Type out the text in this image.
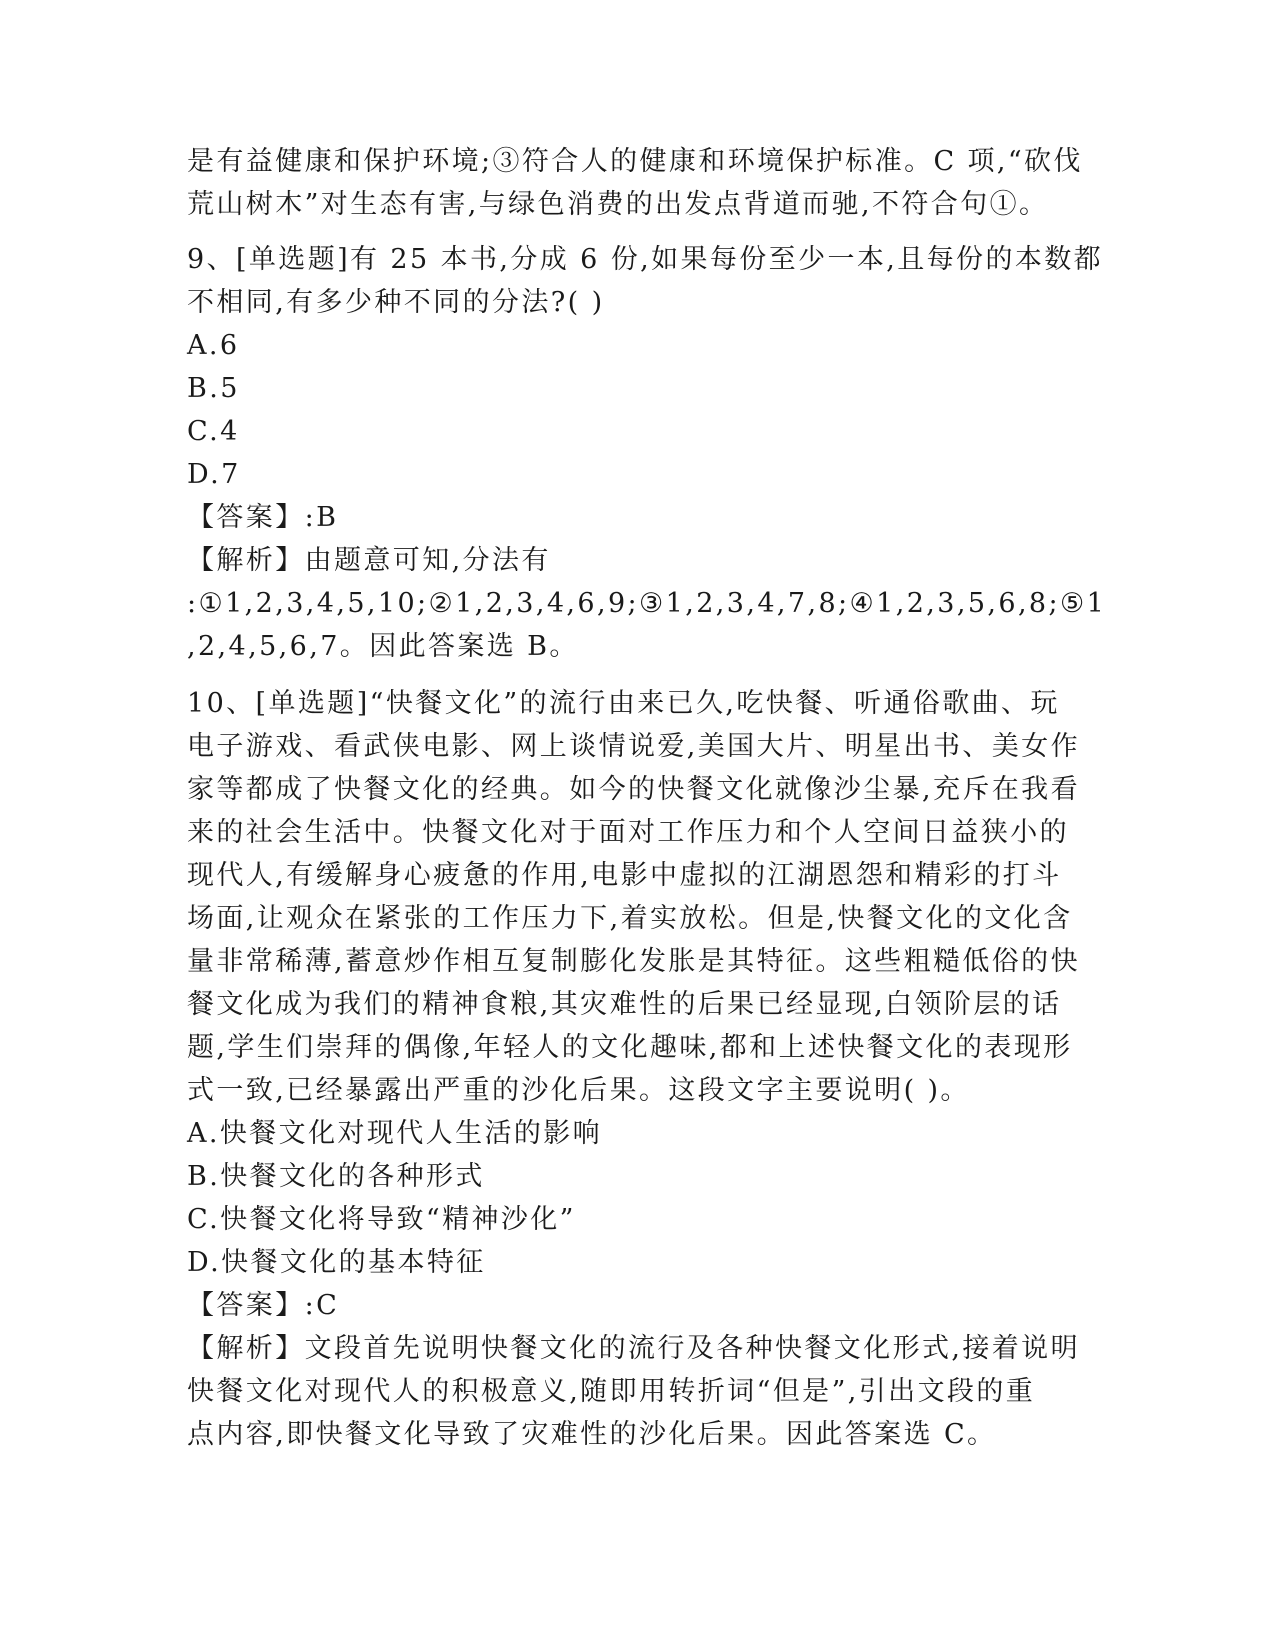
是有益健康和保护环境;③符合人的健康和环境保护标准。C 项,“砍伐
荒山树木”对生态有害,与绿色消费的出发点背道而驰,不符合句①。
9、[单选题]有 25 本书,分成 6 份,如果每份至少一本,且每份的本数都
不相同,有多少种不同的分法?( )
A.6
B.5
C.4
D.7
【答案】:B
【解析】由题意可知,分法有
:①1,2,3,4,5,10;②1,2,3,4,6,9;③1,2,3,4,7,8;④1,2,3,5,6,8;⑤1
,2,4,5,6,7。因此答案选 B。
10、[单选题]“快餐文化”的流行由来已久,吃快餐、听通俗歌曲、玩
电子游戏、看武侠电影、网上谈情说爱,美国大片、明星出书、美女作
家等都成了快餐文化的经典。如今的快餐文化就像沙尘暴,充斥在我看
来的社会生活中。快餐文化对于面对工作压力和个人空间日益狭小的
现代人,有缓解身心疲惫的作用,电影中虚拟的江湖恩怨和精彩的打斗
场面,让观众在紧张的工作压力下,着实放松。但是,快餐文化的文化含
量非常稀薄,蓄意炒作相互复制膨化发胀是其特征。这些粗糙低俗的快
餐文化成为我们的精神食粮,其灾难性的后果已经显现,白领阶层的话
题,学生们崇拜的偶像,年轻人的文化趣味,都和上述快餐文化的表现形
式一致,已经暴露出严重的沙化后果。这段文字主要说明( )。
A.快餐文化对现代人生活的影响
B.快餐文化的各种形式
C.快餐文化将导致“精神沙化”
D.快餐文化的基本特征
【答案】:C
【解析】文段首先说明快餐文化的流行及各种快餐文化形式,接着说明
快餐文化对现代人的积极意义,随即用转折词“但是”,引出文段的重
点内容,即快餐文化导致了灾难性的沙化后果。因此答案选 C。
